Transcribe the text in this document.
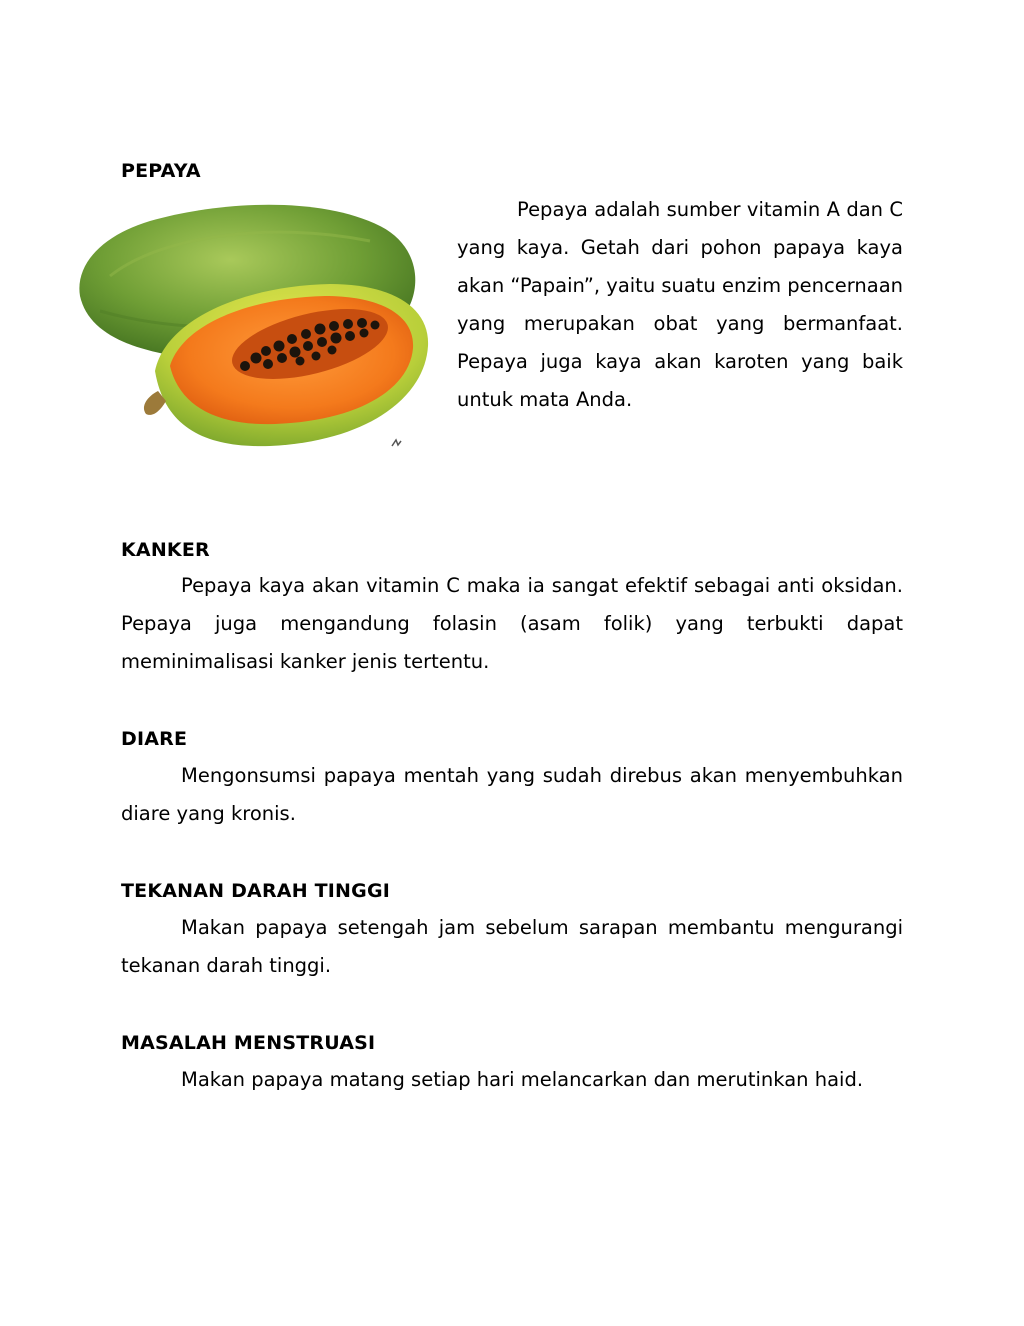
PEPAYA

Pepaya adalah sumber vitamin A dan C yang kaya. Getah dari pohon papaya kaya akan “Papain”, yaitu suatu enzim pencernaan yang merupakan obat yang bermanfaat. Pepaya juga kaya akan karoten yang baik untuk mata Anda.

KANKER

Pepaya kaya akan vitamin C maka ia sangat efektif sebagai anti oksidan. Pepaya juga mengandung folasin (asam folik) yang terbukti dapat meminimalisasi kanker jenis tertentu.

DIARE

Mengonsumsi papaya mentah yang sudah direbus akan menyembuhkan diare yang kronis.

TEKANAN DARAH TINGGI

Makan papaya setengah jam sebelum sarapan membantu mengurangi tekanan darah tinggi.

MASALAH MENSTRUASI

Makan papaya matang setiap hari melancarkan dan merutinkan haid.
